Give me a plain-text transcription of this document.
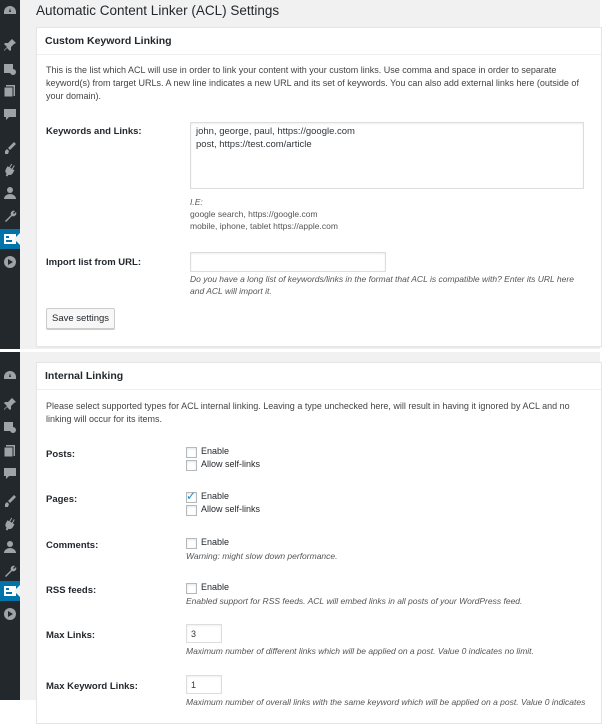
Automatic Content Linker (ACL) Settings
Custom Keyword Linking
This is the list which ACL will use in order to link your content with your custom links. Use comma and space in order to separate keyword(s) from target URLs. A new line indicates a new URL and its set of keywords. You can also add external links here (outside of your domain).
Keywords and Links:	john, george, paul, https://google.com
post, https://test.com/article
I.E:
google search, https://google.com
mobile, iphone, tablet https://apple.com
Import list from URL:
Do you have a long list of keywords/links in the format that ACL is compatible with? Enter its URL here and ACL will import it.
Save settings
Internal Linking
Please select supported types for ACL internal linking. Leaving a type unchecked here, will result in having it ignored by ACL and no linking will occur for its items.
Posts:	Enable
Allow self-links
Pages:	✓ Enable
Allow self-links
Comments:	Enable
Warning: might slow down performance.
RSS feeds:	Enable
Enabled support for RSS feeds. ACL will embed links in all posts of your WordPress feed.
Max Links:	3
Maximum number of different links which will be applied on a post. Value 0 indicates no limit.
Max Keyword Links:	1
Maximum number of overall links with the same keyword which will be applied on a post. Value 0 indicates
